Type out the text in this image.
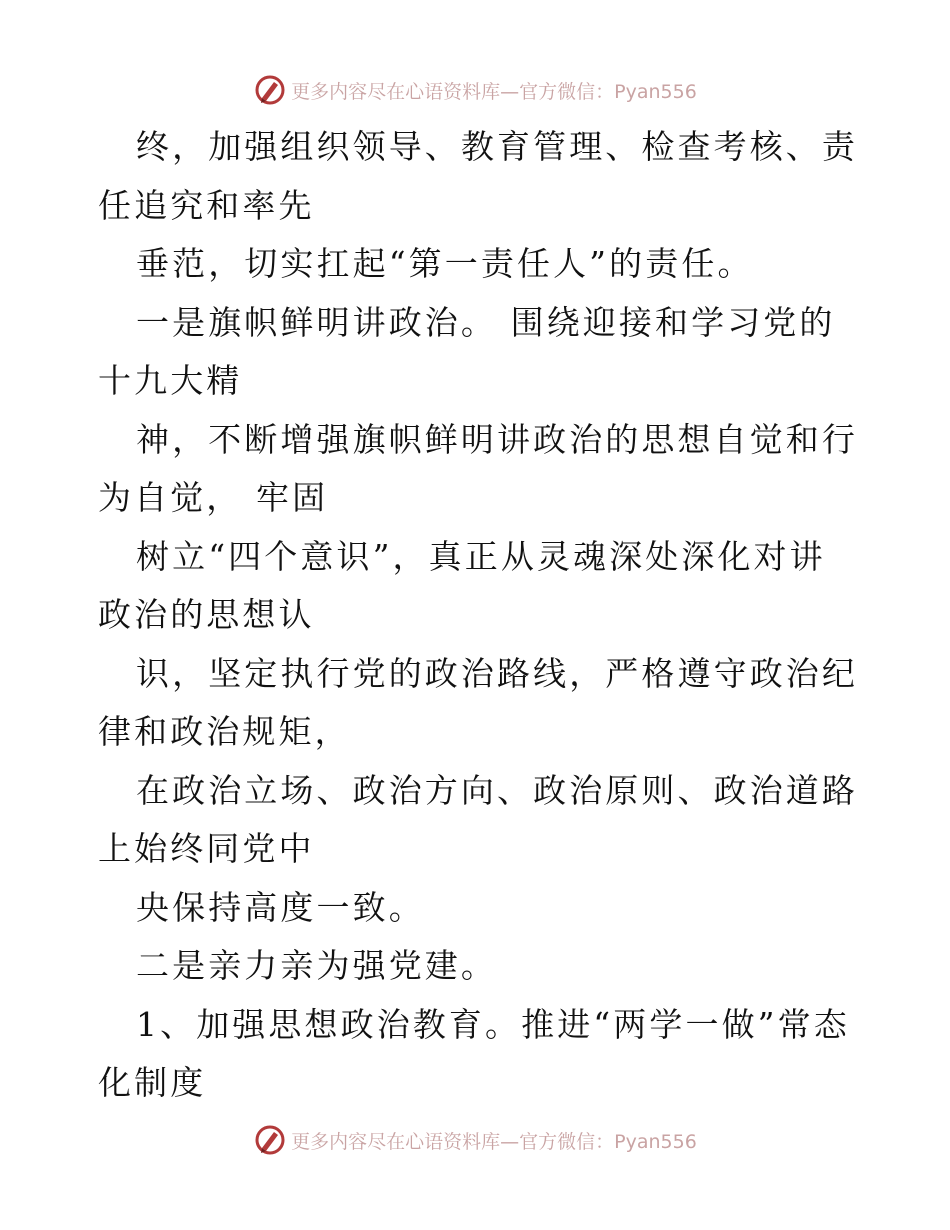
更多内容尽在心语资料库—官方微信：Pyan556

终，加强组织领导、教育管理、检查考核、责任追究和率先

垂范，切实扛起“第一责任人”的责任。

一是旗帜鲜明讲政治。 围绕迎接和学习党的十九大精

神，不断增强旗帜鲜明讲政治的思想自觉和行为自觉， 牢固

树立“四个意识”，真正从灵魂深处深化对讲政治的思想认

识，坚定执行党的政治路线，严格遵守政治纪律和政治规矩，

在政治立场、政治方向、政治原则、政治道路上始终同党中

央保持高度一致。

二是亲力亲为强党建。

1、加强思想政治教育。推进“两学一做”常态化制度

更多内容尽在心语资料库—官方微信：Pyan556
